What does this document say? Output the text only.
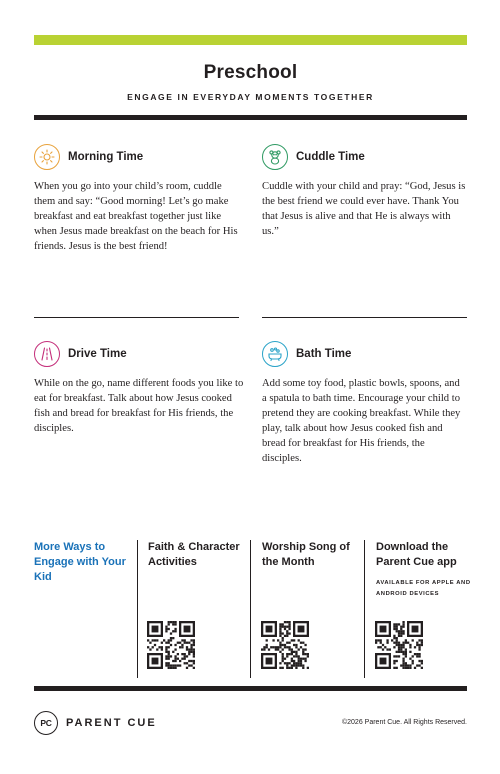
Preschool
ENGAGE IN EVERYDAY MOMENTS TOGETHER
Morning Time

When you go into your child’s room, cuddle them and say: “Good morning! Let’s go make breakfast and eat breakfast together just like when Jesus made breakfast on the beach for His friends. Jesus is the best friend!

Cuddle Time

Cuddle with your child and pray: “God, Jesus is the best friend we could ever have. Thank You that Jesus is alive and that He is always with us.”

Drive Time

While on the go, name different foods you like to eat for breakfast. Talk about how Jesus cooked fish and bread for breakfast for His friends, the disciples.

Bath Time

Add some toy food, plastic bowls, spoons, and a spatula to bath time. Encourage your child to pretend they are cooking breakfast. While they play, talk about how Jesus cooked fish and bread for breakfast for His friends, the disciples.

More Ways to Engage with Your Kid
Faith & Character Activities
Worship Song of the Month
Download the Parent Cue app
AVAILABLE FOR APPLE AND ANDROID DEVICES
PC	PARENT CUE	©2026 Parent Cue. All Rights Reserved.
